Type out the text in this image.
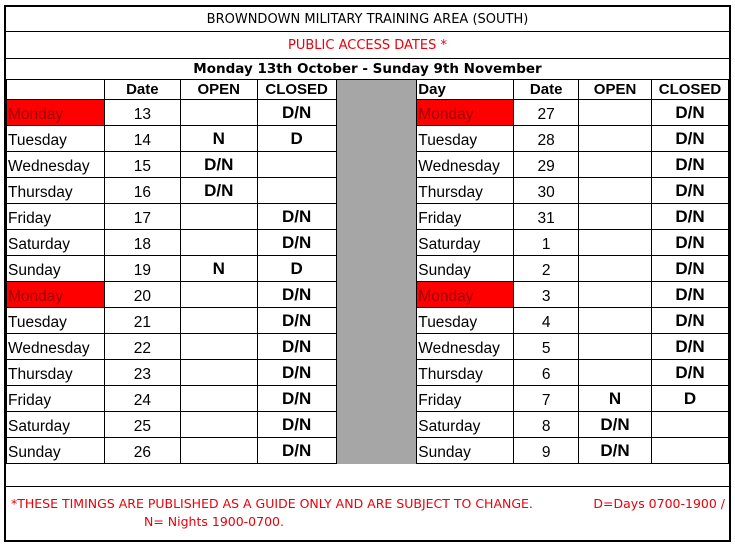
BROWNDOWN MILITARY TRAINING AREA (SOUTH)
PUBLIC ACCESS DATES *
Monday 13th October - Sunday 9th November
	Date	OPEN	CLOSED		Day	Date	OPEN	CLOSED
Monday	13		D/N		Monday	27		D/N
Tuesday	14	N	D		Tuesday	28		D/N
Wednesday	15	D/N			Wednesday	29		D/N
Thursday	16	D/N			Thursday	30		D/N
Friday	17		D/N		Friday	31		D/N
Saturday	18		D/N		Saturday	1		D/N
Sunday	19	N	D		Sunday	2		D/N
Monday	20		D/N		Monday	3		D/N
Tuesday	21		D/N		Tuesday	4		D/N
Wednesday	22		D/N		Wednesday	5		D/N
Thursday	23		D/N		Thursday	6		D/N
Friday	24		D/N		Friday	7	N	D
Saturday	25		D/N		Saturday	8	D/N	
Sunday	26		D/N		Sunday	9	D/N	
*THESE TIMINGS ARE PUBLISHED AS A GUIDE ONLY AND ARE SUBJECT TO CHANGE.	D=Days 0700-1900 /
N= Nights 1900-0700.
